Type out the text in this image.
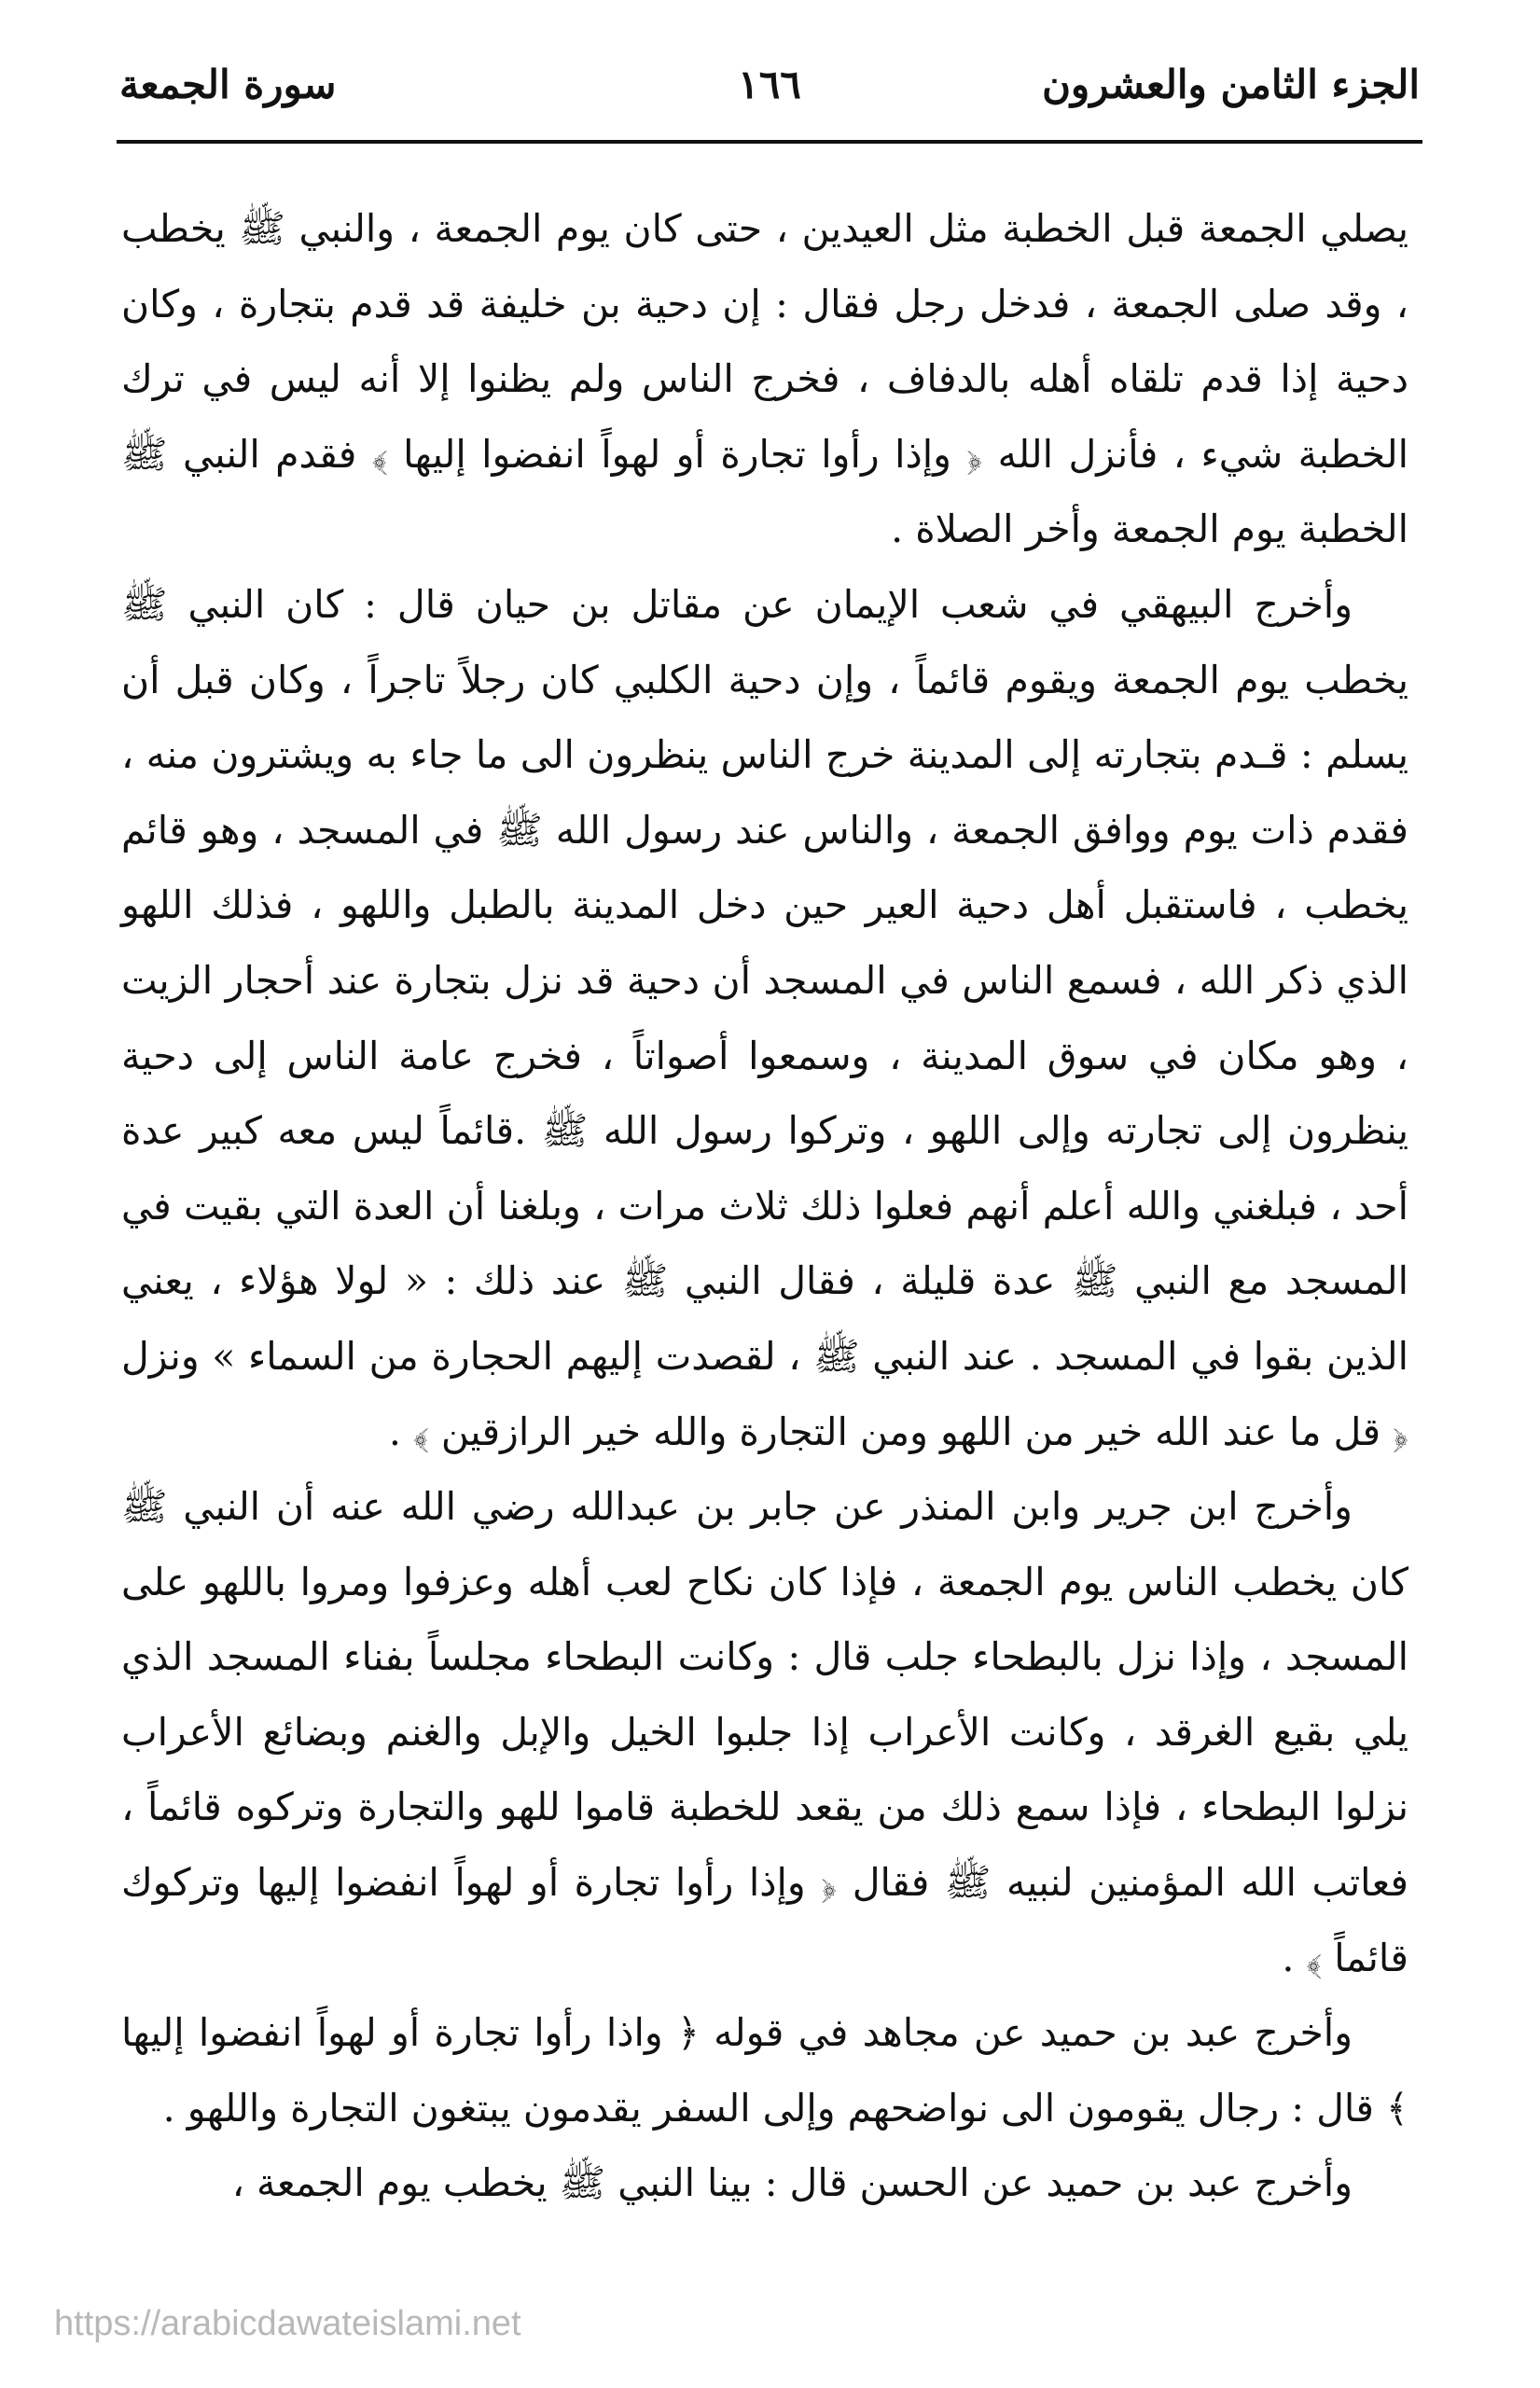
الجزء الثامن والعشرون
١٦٦
سورة الجمعة

يصلي الجمعة قبل الخطبة مثل العيدين ، حتى كان يوم الجمعة ، والنبي ﷺ يخطب ، وقد صلى الجمعة ، فدخل رجل فقال : إن دحية بن خليفة قد قدم بتجارة ، وكان دحية إذا قدم تلقاه أهله بالدفاف ، فخرج الناس ولم يظنوا إلا أنه ليس في ترك الخطبة شيء ، فأنزل الله ﴿ وإذا رأوا تجارة أو لهواً انفضوا إليها ﴾ فقدم النبي ﷺ الخطبة يوم الجمعة وأخر الصلاة .

وأخرج البيهقي في شعب الإيمان عن مقاتل بن حيان قال : كان النبي ﷺ يخطب يوم الجمعة ويقوم قائماً ، وإن دحية الكلبي كان رجلاً تاجراً ، وكان قبل أن يسلم : قـدم بتجارته إلى المدينة خرج الناس ينظرون الى ما جاء به ويشترون منه ، فقدم ذات يوم ووافق الجمعة ، والناس عند رسول الله ﷺ في المسجد ، وهو قائم يخطب ، فاستقبل أهل دحية العير حين دخل المدينة بالطبل واللهو ، فذلك اللهو الذي ذكر الله ، فسمع الناس في المسجد أن دحية قد نزل بتجارة عند أحجار الزيت ، وهو مكان في سوق المدينة ، وسمعوا أصواتاً ، فخرج عامة الناس إلى دحية ينظرون إلى تجارته وإلى اللهو ، وتركوا رسول الله ﷺ .قائماً ليس معه كبير عدة أحد ، فبلغني والله أعلم أنهم فعلوا ذلك ثلاث مرات ، وبلغنا أن العدة التي بقيت في المسجد مع النبي ﷺ عدة قليلة ، فقال النبي ﷺ عند ذلك : « لولا هؤلاء ، يعني الذين بقوا في المسجد . عند النبي ﷺ ، لقصدت إليهم الحجارة من السماء » ونزل ﴿ قل ما عند الله خير من اللهو ومن التجارة والله خير الرازقين ﴾ .

وأخرج ابن جرير وابن المنذر عن جابر بن عبدالله رضي الله عنه أن النبي ﷺ كان يخطب الناس يوم الجمعة ، فإذا كان نكاح لعب أهله وعزفوا ومروا باللهو على المسجد ، وإذا نزل بالبطحاء جلب قال : وكانت البطحاء مجلساً بفناء المسجد الذي يلي بقيع الغرقد ، وكانت الأعراب إذا جلبوا الخيل والإبل والغنم وبضائع الأعراب نزلوا البطحاء ، فإذا سمع ذلك من يقعد للخطبة قاموا للهو والتجارة وتركوه قائماً ، فعاتب الله المؤمنين لنبيه ﷺ فقال ﴿ وإذا رأوا تجارة أو لهواً انفضوا إليها وتركوك قائماً ﴾ .

وأخرج عبد بن حميد عن مجاهد في قوله ﴿ واذا رأوا تجارة أو لهواً انفضوا إليها ﴾ قال : رجال يقومون الى نواضحهم وإلى السفر يقدمون يبتغون التجارة واللهو .

وأخرج عبد بن حميد عن الحسن قال : بينا النبي ﷺ يخطب يوم الجمعة ،

https://arabicdawateislami.net
